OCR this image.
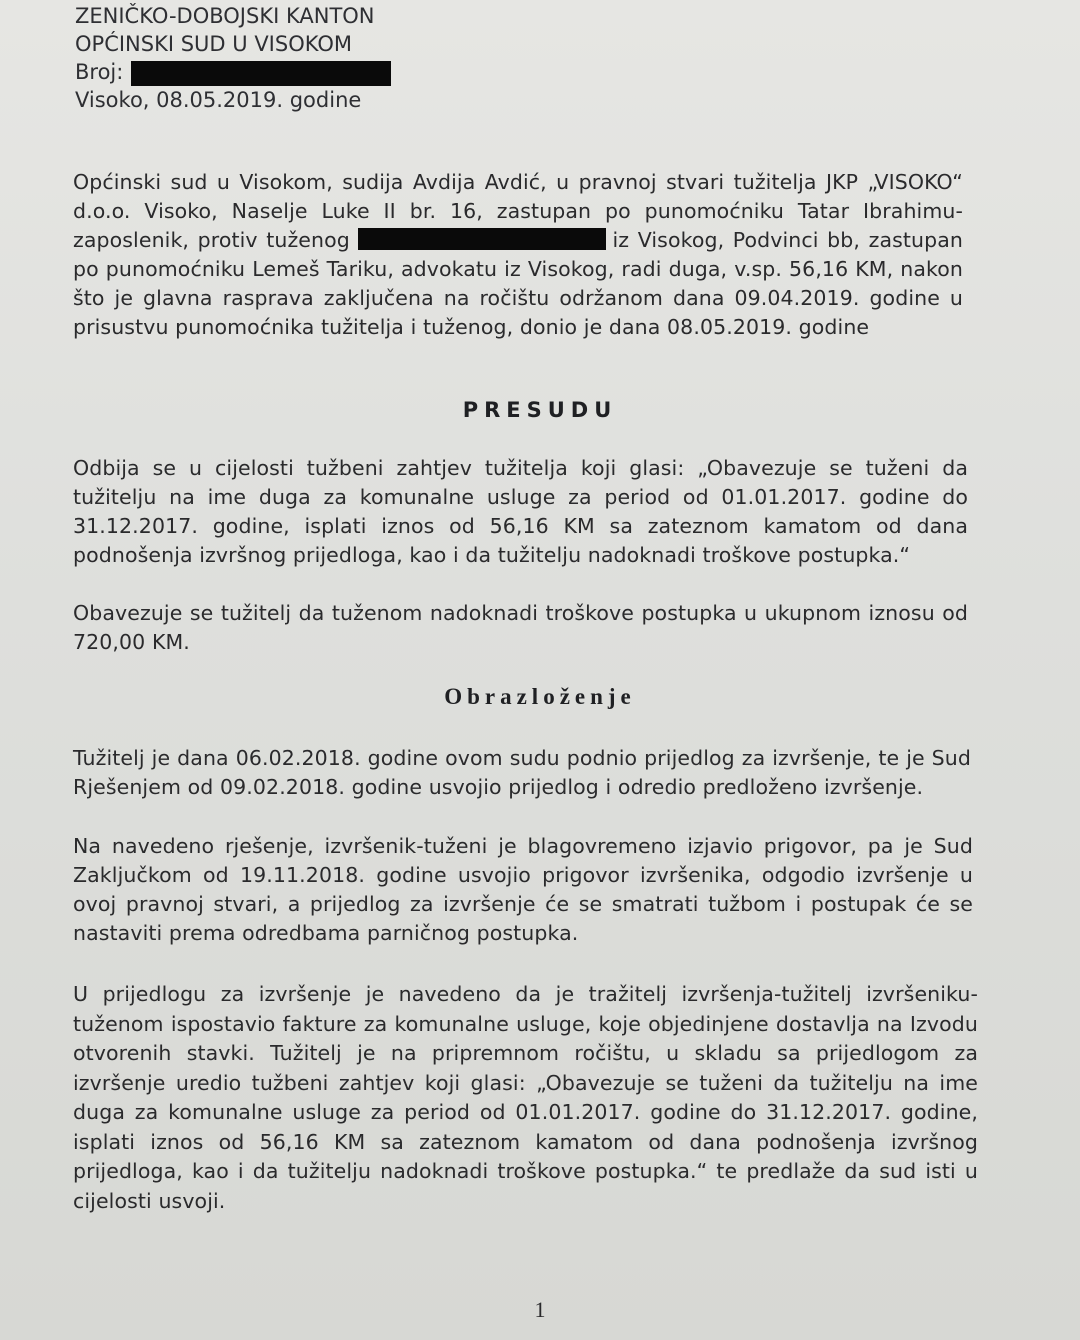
ZENIČKO-DOBOJSKI KANTON
OPĆINSKI SUD U VISOKOM
Broj:
Visoko, 08.05.2019. godine
Općinski sud u Visokom, sudija Avdija Avdić, u pravnoj stvari tužitelja JKP „VISOKO“ d.o.o. Visoko, Naselje Luke II br. 16, zastupan po punomoćniku Tatar Ibrahimu-zaposlenik, protiv tuženog	iz Visokog, Podvinci bb, zastupan po punomoćniku Lemeš Tariku, advokatu iz Visokog, radi duga, v.sp. 56,16 KM, nakon što je glavna rasprava zaključena na ročištu održanom dana 09.04.2019. godine u prisustvu punomoćnika tužitelja i tuženog, donio je dana 08.05.2019. godine
PRESUDU
Odbija se u cijelosti tužbeni zahtjev tužitelja koji glasi: „Obavezuje se tuženi da tužitelju na ime duga za komunalne usluge za period od 01.01.2017. godine do 31.12.2017. godine, isplati iznos od 56,16 KM sa zateznom kamatom od dana podnošenja izvršnog prijedloga, kao i da tužitelju nadoknadi troškove postupka.“
Obavezuje se tužitelj da tuženom nadoknadi troškove postupka u ukupnom iznosu od 720,00 KM.
Obrazloženje
Tužitelj je dana 06.02.2018. godine ovom sudu podnio prijedlog za izvršenje, te je Sud Rješenjem od 09.02.2018. godine usvojio prijedlog i odredio predloženo izvršenje.
Na navedeno rješenje, izvršenik-tuženi je blagovremeno izjavio prigovor, pa je Sud Zaključkom od 19.11.2018. godine usvojio prigovor izvršenika, odgodio izvršenje u ovoj pravnoj stvari, a prijedlog za izvršenje će se smatrati tužbom i postupak će se nastaviti prema odredbama parničnog postupka.
U prijedlogu za izvršenje je navedeno da je tražitelj izvršenja-tužitelj izvršeniku-tuženom ispostavio fakture za komunalne usluge, koje objedinjene dostavlja na Izvodu otvorenih stavki. Tužitelj je na pripremnom ročištu, u skladu sa prijedlogom za izvršenje uredio tužbeni zahtjev koji glasi: „Obavezuje se tuženi da tužitelju na ime duga za komunalne usluge za period od 01.01.2017. godine do 31.12.2017. godine, isplati iznos od 56,16 KM sa zateznom kamatom od dana podnošenja izvršnog prijedloga, kao i da tužitelju nadoknadi troškove postupka.“ te predlaže da sud isti u cijelosti usvoji.
1
